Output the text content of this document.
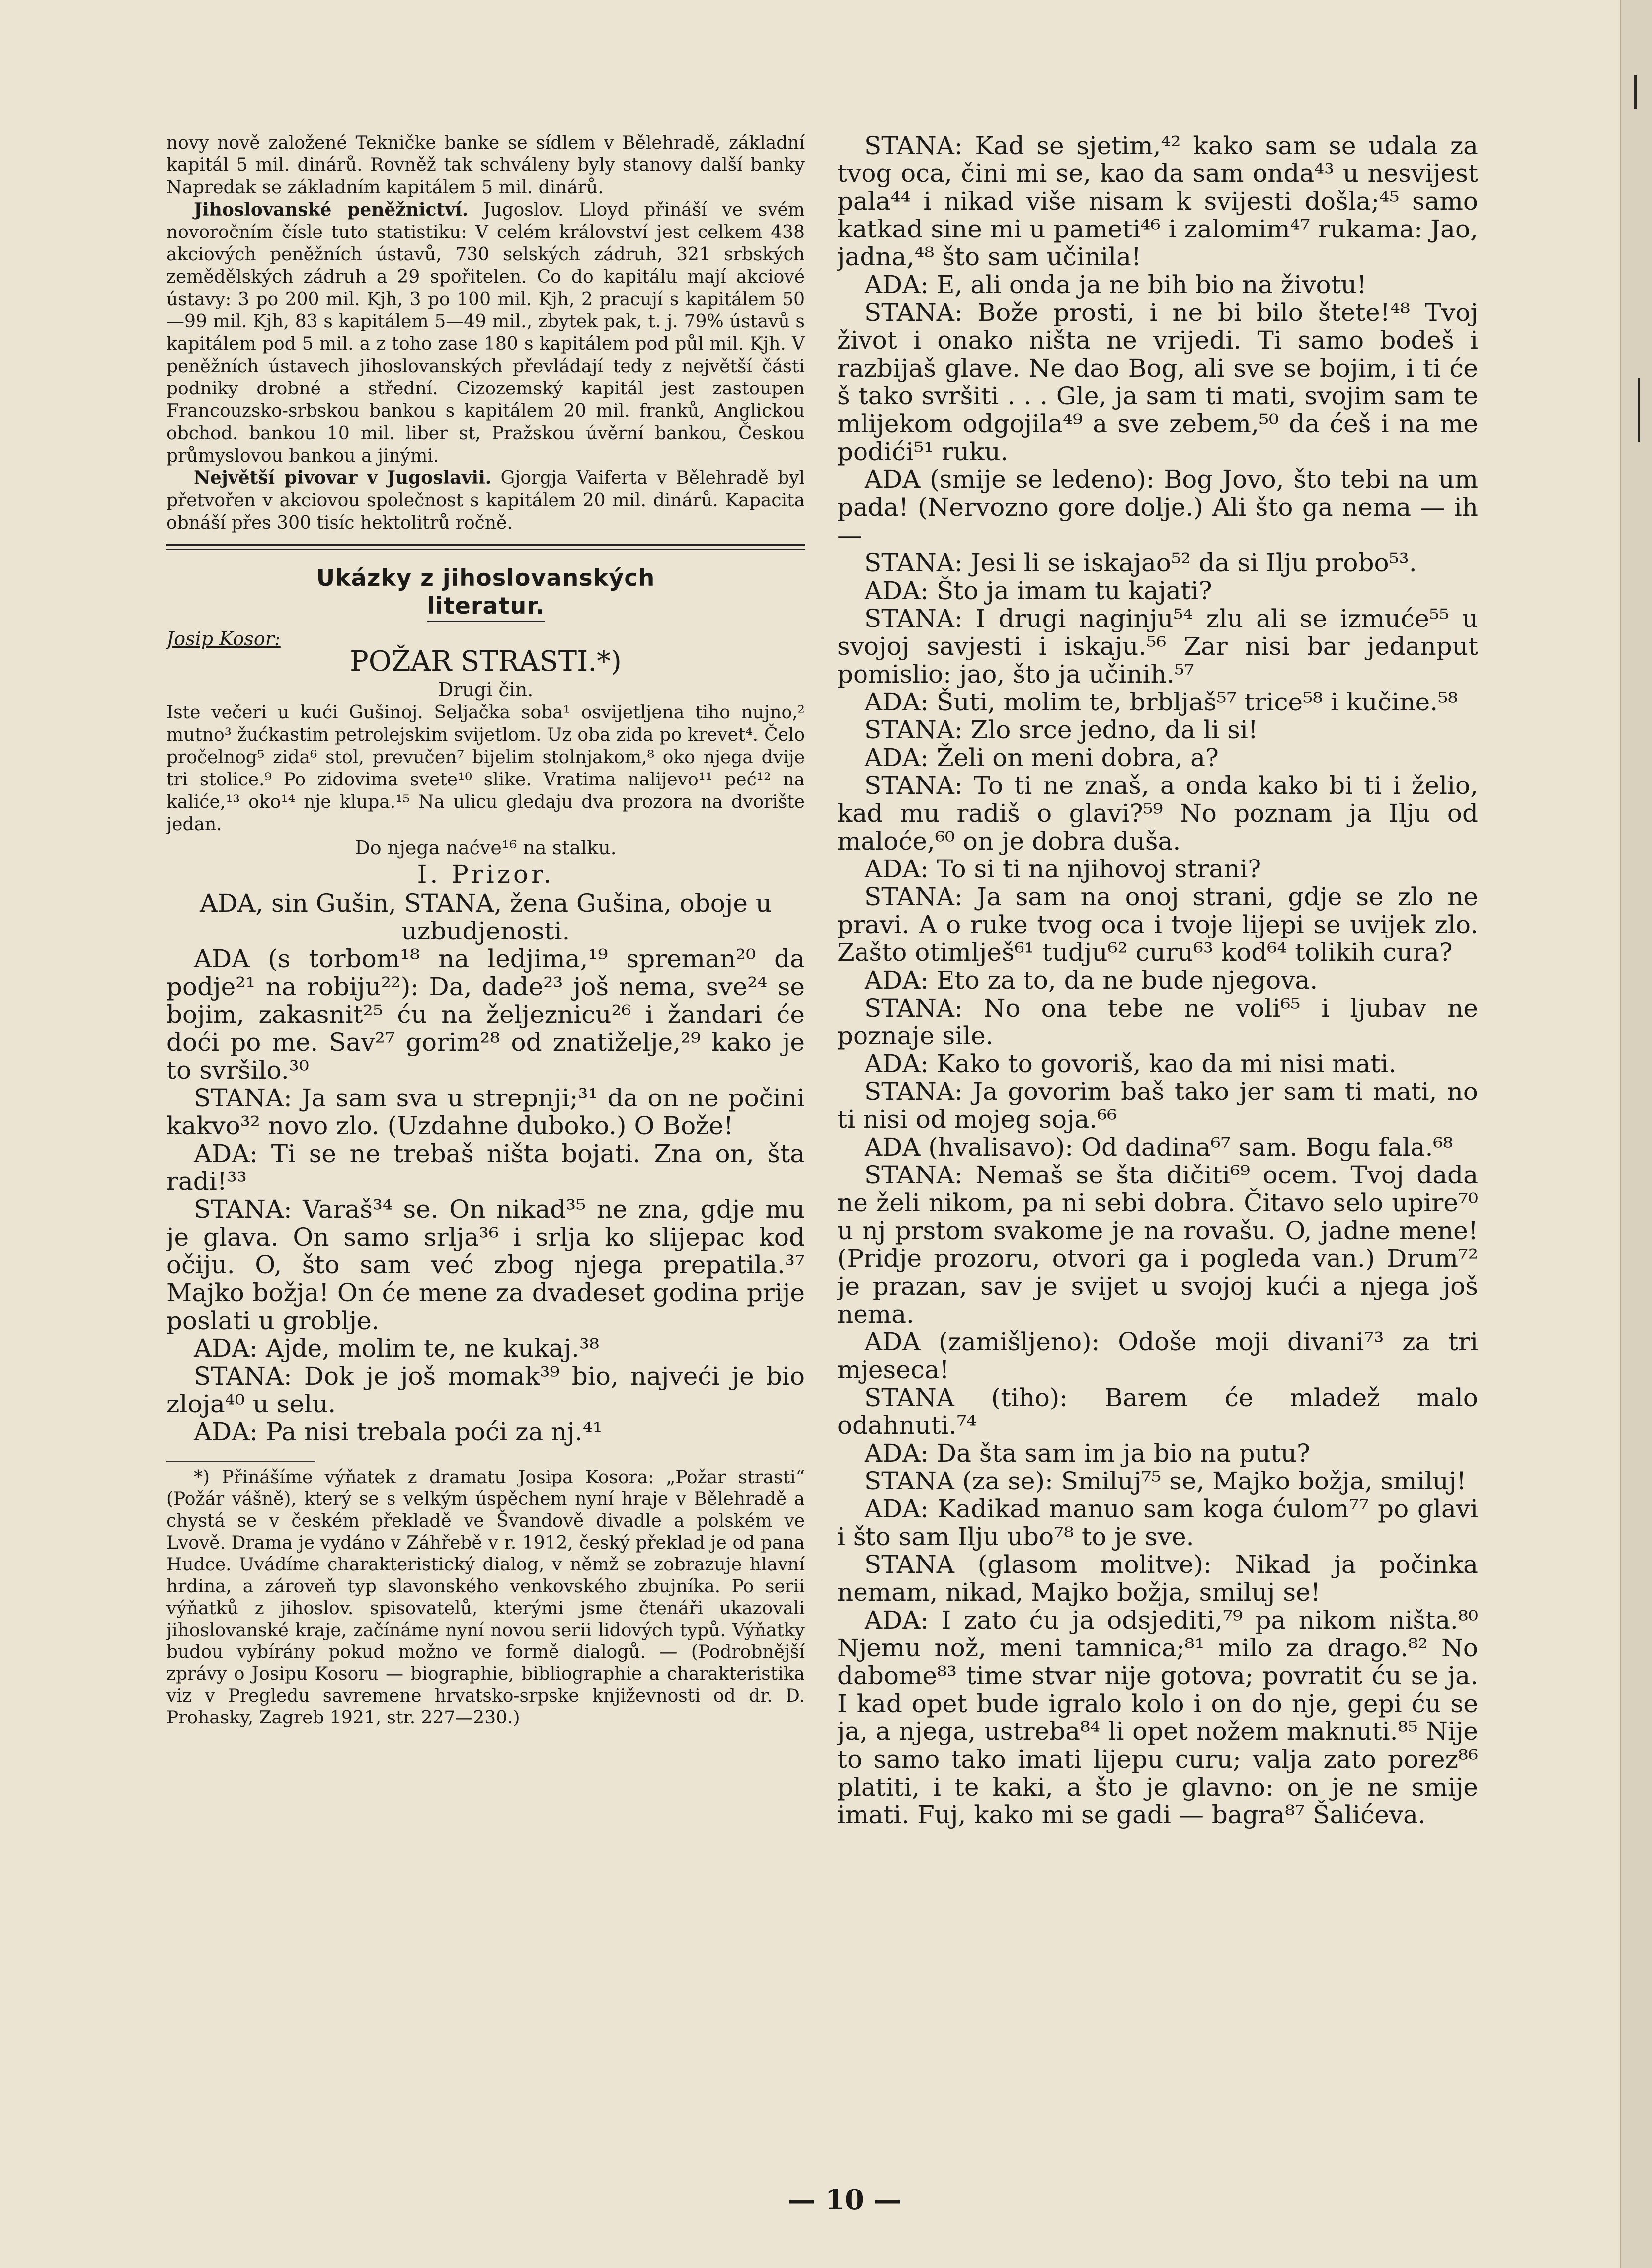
novy nově založené Tekničke banke se sídlem v Bělehradě, základní kapitál 5 mil. dinárů. Rovněž tak schváleny byly stanovy další banky Napredak se základním kapitálem 5 mil. dinárů.

Jihoslovanské peněžnictví. Jugoslov. Lloyd přináší ve svém novoročním čísle tuto statistiku: V celém království jest celkem 438 akciových peněžních ústavů, 730 selských zádruh, 321 srbských zemědělských zádruh a 29 spořitelen. Co do kapitálu mají akciové ústavy: 3 po 200 mil. Kjh, 3 po 100 mil. Kjh, 2 pracují s kapitálem 50—99 mil. Kjh, 83 s kapitálem 5—49 mil., zbytek pak, t. j. 79% ústavů s kapitálem pod 5 mil. a z toho zase 180 s kapitálem pod půl mil. Kjh. V peněžních ústavech jihoslovanských převládají tedy z největší části podniky drobné a střední. Cizozemský kapitál jest zastoupen Francouzsko-srbskou bankou s kapitálem 20 mil. franků, Anglickou obchod. bankou 10 mil. liber st, Pražskou úvěrní bankou, Českou průmyslovou bankou a jinými.

Největší pivovar v Jugoslavii. Gjorgja Vaiferta v Bělehradě byl přetvořen v akciovou společnost s kapitálem 20 mil. dinárů. Kapacita obnáší přes 300 tisíc hektolitrů ročně.

Ukázky z jihoslovanských
literatur.
Josip Kosor:
POŽAR STRASTI.*)
Drugi čin.

Iste večeri u kući Gušinoj. Seljačka soba¹ osvijetljena tiho nujno,² mutno³ žućkastim petrolejskim svijetlom. Uz oba zida po krevet⁴. Čelo pročelnog⁵ zida⁶ stol, prevučen⁷ bijelim stolnjakom,⁸ oko njega dvije tri stolice.⁹ Po zidovima svete¹⁰ slike. Vratima nalijevo¹¹ peć¹² na kaliće,¹³ oko¹⁴ nje klupa.¹⁵ Na ulicu gledaju dva prozora na dvorište jedan.

Do njega naćve¹⁶ na stalku.
I. Prizor.

ADA, sin Gušin, STANA, žena Gušina, oboje u uzbudjenosti.

ADA (s torbom¹⁸ na ledjima,¹⁹ spreman²⁰ da podje²¹ na robiju²²): Da, dade²³ još nema, sve²⁴ se bojim, zakasnit²⁵ ću na željeznicu²⁶ i žandari će doći po me. Sav²⁷ gorim²⁸ od znatiželje,²⁹ kako je to svršilo.³⁰

STANA: Ja sam sva u strepnji;³¹ da on ne počini kakvo³² novo zlo. (Uzdahne duboko.) O Bože!

ADA: Ti se ne trebaš ništa bojati. Zna on, šta radi!³³

STANA: Varaš³⁴ se. On nikad³⁵ ne zna, gdje mu je glava. On samo srlja³⁶ i srlja ko slijepac kod očiju. O, što sam već zbog njega prepatila.³⁷ Majko božja! On će mene za dvadeset godina prije poslati u groblje.

ADA: Ajde, molim te, ne kukaj.³⁸

STANA: Dok je još momak³⁹ bio, najveći je bio zloja⁴⁰ u selu.

ADA: Pa nisi trebala poći za nj.⁴¹

*) Přinášíme výňatek z dramatu Josipa Kosora: „Požar strasti“ (Požár vášně), který se s velkým úspěchem nyní hraje v Bělehradě a chystá se v českém překladě ve Švandově divadle a polském ve Lvově. Drama je vydáno v Záhřebě v r. 1912, český překlad je od pana Hudce. Uvádíme charakteristický dialog, v němž se zobrazuje hlavní hrdina, a zároveň typ slavonského venkovského zbujníka. Po serii výňatků z jihoslov. spisovatelů, kterými jsme čtenáři ukazovali jihoslovanské kraje, začínáme nyní novou serii lidových typů. Výňatky budou vybírány pokud možno ve formě dialogů. — (Podrobnější zprávy o Josipu Kosoru — biographie, bibliographie a charakteristika viz v Pregledu savremene hrvatsko-srpske književnosti od dr. D. Prohasky, Zagreb 1921, str. 227—230.)

STANA: Kad se sjetim,⁴² kako sam se udala za tvog oca, čini mi se, kao da sam onda⁴³ u nesvijest pala⁴⁴ i nikad više nisam k svijesti došla;⁴⁵ samo katkad sine mi u pameti⁴⁶ i zalomim⁴⁷ rukama: Jao, jadna,⁴⁸ što sam učinila!

ADA: E, ali onda ja ne bih bio na životu!

STANA: Bože prosti, i ne bi bilo štete!⁴⁸ Tvoj život i onako ništa ne vrijedi. Ti samo bodeš i razbijaš glave. Ne dao Bog, ali sve se bojim, i ti će š tako svršiti . . . Gle, ja sam ti mati, svojim sam te mlijekom odgojila⁴⁹ a sve zebem,⁵⁰ da ćeš i na me podići⁵¹ ruku.

ADA (smije se ledeno): Bog Jovo, što tebi na um pada! (Nervozno gore dolje.) Ali što ga nema — ih —

STANA: Jesi li se iskajao⁵² da si Ilju probo⁵³.

ADA: Što ja imam tu kajati?

STANA: I drugi naginju⁵⁴ zlu ali se izmuće⁵⁵ u svojoj savjesti i iskaju.⁵⁶ Zar nisi bar jedanput pomislio: jao, što ja učinih.⁵⁷

ADA: Šuti, molim te, brbljaš⁵⁷ trice⁵⁸ i kučine.⁵⁸

STANA: Zlo srce jedno, da li si!

ADA: Želi on meni dobra, a?

STANA: To ti ne znaš, a onda kako bi ti i želio, kad mu radiš o glavi?⁵⁹ No poznam ja Ilju od maloće,⁶⁰ on je dobra duša.

ADA: To si ti na njihovoj strani?

STANA: Ja sam na onoj strani, gdje se zlo ne pravi. A o ruke tvog oca i tvoje lijepi se uvijek zlo. Zašto otimlješ⁶¹ tudju⁶² curu⁶³ kod⁶⁴ tolikih cura?

ADA: Eto za to, da ne bude njegova.

STANA: No ona tebe ne voli⁶⁵ i ljubav ne poznaje sile.

ADA: Kako to govoriš, kao da mi nisi mati.

STANA: Ja govorim baš tako jer sam ti mati, no ti nisi od mojeg soja.⁶⁶

ADA (hvalisavo): Od dadina⁶⁷ sam. Bogu fala.⁶⁸

STANA: Nemaš se šta dičiti⁶⁹ ocem. Tvoj dada ne želi nikom, pa ni sebi dobra. Čitavo selo upire⁷⁰ u nj prstom svakome je na rovašu. O, jadne mene! (Pridje prozoru, otvori ga i pogleda van.) Drum⁷² je prazan, sav je svijet u svojoj kući a njega još nema.

ADA (zamišljeno): Odoše moji divani⁷³ za tri mjeseca!

STANA (tiho): Barem će mladež malo odahnuti.⁷⁴

ADA: Da šta sam im ja bio na putu?

STANA (za se): Smiluj⁷⁵ se, Majko božja, smiluj!

ADA: Kadikad manuo sam koga ćulom⁷⁷ po glavi i što sam Ilju ubo⁷⁸ to je sve.

STANA (glasom molitve): Nikad ja počinka nemam, nikad, Majko božja, smiluj se!

ADA: I zato ću ja odsjediti,⁷⁹ pa nikom ništa.⁸⁰ Njemu nož, meni tamnica;⁸¹ milo za drago.⁸² No dabome⁸³ time stvar nije gotova; povratit ću se ja. I kad opet bude igralo kolo i on do nje, gepi ću se ja, a njega, ustreba⁸⁴ li opet nožem maknuti.⁸⁵ Nije to samo tako imati lijepu curu; valja zato porez⁸⁶ platiti, i te kaki, a što je glavno: on je ne smije imati. Fuj, kako mi se gadi — bagra⁸⁷ Šalićeva.

— 10 —
